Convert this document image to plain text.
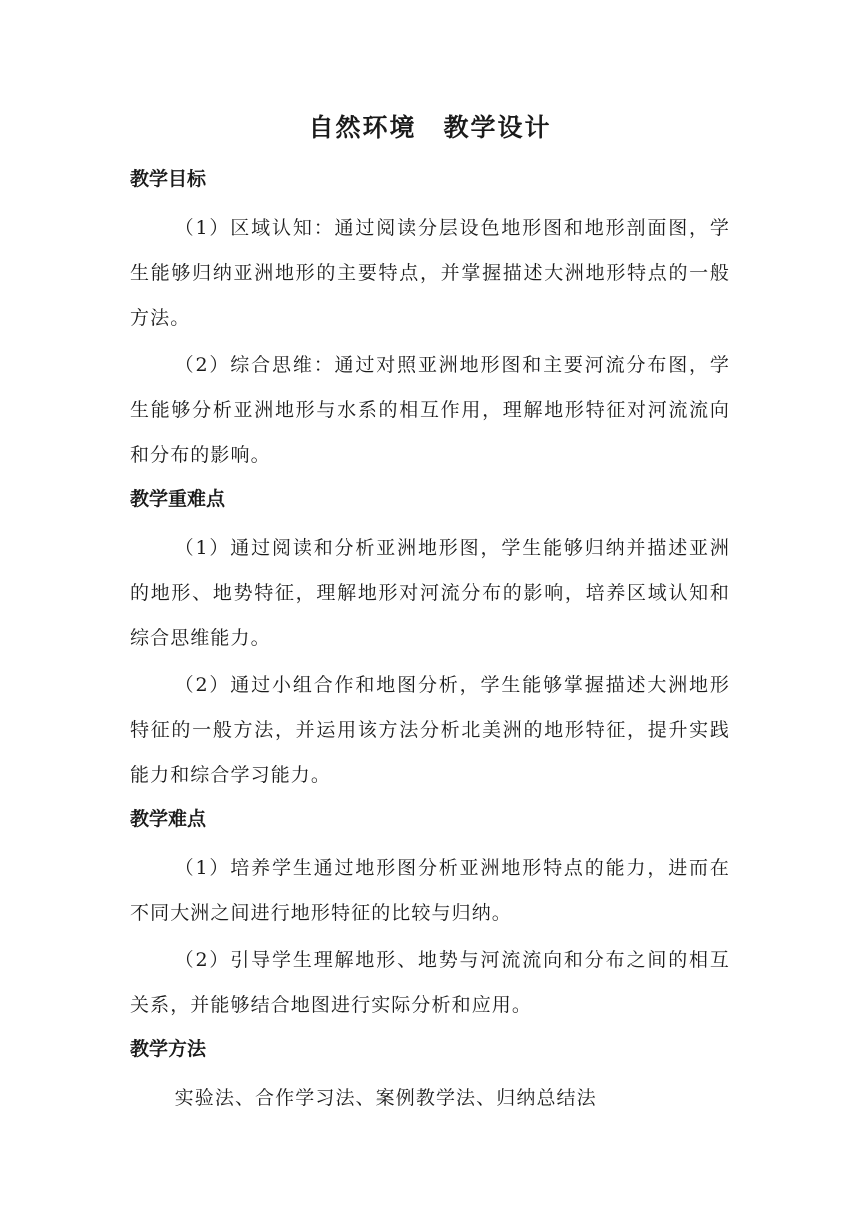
自然环境　教学设计
教学目标

（1）区域认知：通过阅读分层设色地形图和地形剖面图，学生能够归纳亚洲地形的主要特点，并掌握描述大洲地形特点的一般方法。

（2）综合思维：通过对照亚洲地形图和主要河流分布图，学生能够分析亚洲地形与水系的相互作用，理解地形特征对河流流向和分布的影响。

教学重难点

（1）通过阅读和分析亚洲地形图，学生能够归纳并描述亚洲的地形、地势特征，理解地形对河流分布的影响，培养区域认知和综合思维能力。

（2）通过小组合作和地图分析，学生能够掌握描述大洲地形特征的一般方法，并运用该方法分析北美洲的地形特征，提升实践能力和综合学习能力。

教学难点

（1）培养学生通过地形图分析亚洲地形特点的能力，进而在不同大洲之间进行地形特征的比较与归纳。

（2）引导学生理解地形、地势与河流流向和分布之间的相互关系，并能够结合地图进行实际分析和应用。

教学方法

实验法、合作学习法、案例教学法、归纳总结法
